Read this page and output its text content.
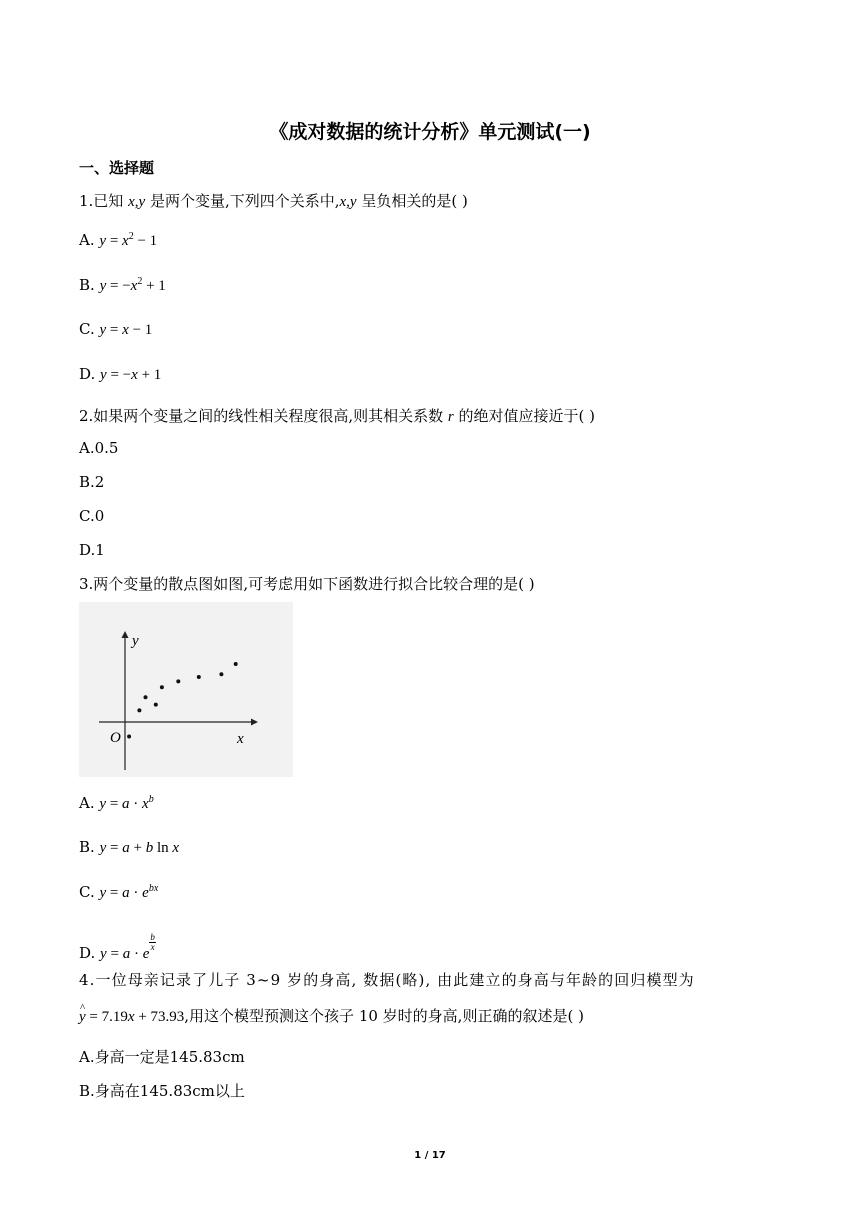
《成对数据的统计分析》单元测试(一)
一、选择题
1.已知 x,y 是两个变量,下列四个关系中,x,y 呈负相关的是( )
A. $y = x^2 - 1$
B. $y = -x^2 + 1$
C. y = x − 1
D. y = −x + 1
2.如果两个变量之间的线性相关程度很高,则其相关系数 r 的绝对值应接近于( )
A.0.5
B.2
C.0
D.1
3.两个变量的散点图如图,可考虑用如下函数进行拟合比较合理的是( )
y
x
O
A. $y = a \cdot x^b$
B. y = a + b ln x
C. $y = a \cdot e^{bx}$
D. y = a · e
$\frac{b}{x}$
4.一位母亲记录了儿子 3~9 岁的身高, 数据(略), 由此建立的身高与年龄的回归模型为
^ y = 7.19x + 73.93,用这个模型预测这个孩子 10 岁时的身高,则正确的叙述是( )
A.身高一定是145.83cm
B.身高在145.83cm以上
1 / 17
